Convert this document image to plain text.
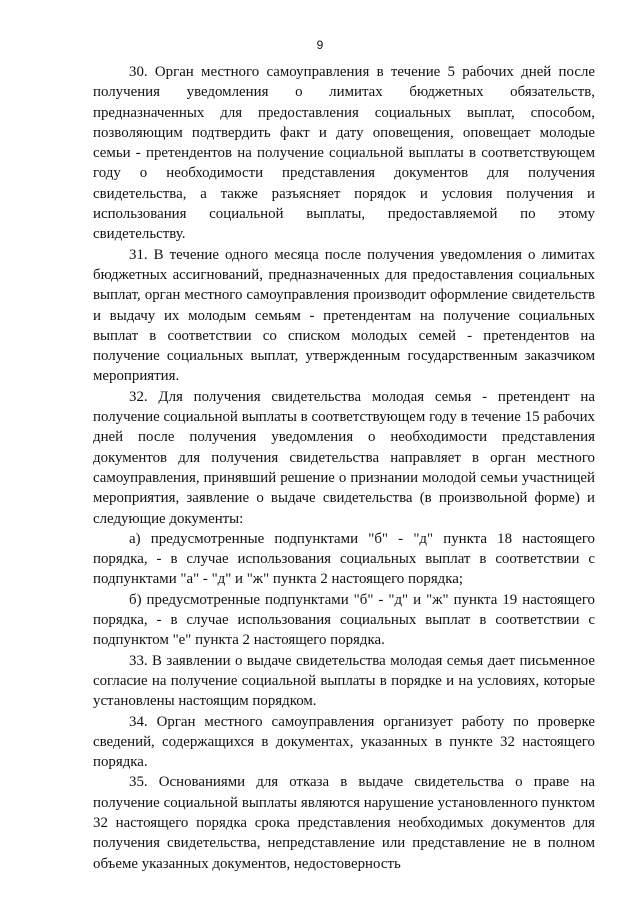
9

30. Орган местного самоуправления в течение 5 рабочих дней после получения уведомления о лимитах бюджетных обязательств, предназначенных для предоставления социальных выплат, способом, позволяющим подтвердить факт и дату оповещения, оповещает молодые семьи - претендентов на получение социальной выплаты в соответствующем году о необходимости представления документов для получения свидетельства, а также разъясняет порядок и условия получения и использования социальной выплаты, предоставляемой по этому свидетельству.

31. В течение одного месяца после получения уведомления о лимитах бюджетных ассигнований, предназначенных для предоставления социальных выплат, орган местного самоуправления производит оформление свидетельств и выдачу их молодым семьям - претендентам на получение социальных выплат в соответствии со списком молодых семей - претендентов на получение социальных выплат, утвержденным государственным заказчиком мероприятия.

32. Для получения свидетельства молодая семья - претендент на получение социальной выплаты в соответствующем году в течение 15 рабочих дней после получения уведомления о необходимости представления документов для получения свидетельства направляет в орган местного самоуправления, принявший решение о признании молодой семьи участницей мероприятия, заявление о выдаче свидетельства (в произвольной форме) и следующие документы:

а) предусмотренные подпунктами "б" - "д" пункта 18 настоящего порядка, - в случае использования социальных выплат в соответствии с подпунктами "а" - "д" и "ж" пункта 2 настоящего порядка;

б) предусмотренные подпунктами "б" - "д" и "ж" пункта 19 настоящего порядка, - в случае использования социальных выплат в соответствии с подпунктом "е" пункта 2 настоящего порядка.

33. В заявлении о выдаче свидетельства молодая семья дает письменное согласие на получение социальной выплаты в порядке и на условиях, которые установлены настоящим порядком.

34. Орган местного самоуправления организует работу по проверке сведений, содержащихся в документах, указанных в пункте 32 настоящего порядка.

35. Основаниями для отказа в выдаче свидетельства о праве на получение социальной выплаты являются нарушение установленного пунктом 32 настоящего порядка срока представления необходимых документов для получения свидетельства, непредставление или представление не в полном объеме указанных документов, недостоверность
